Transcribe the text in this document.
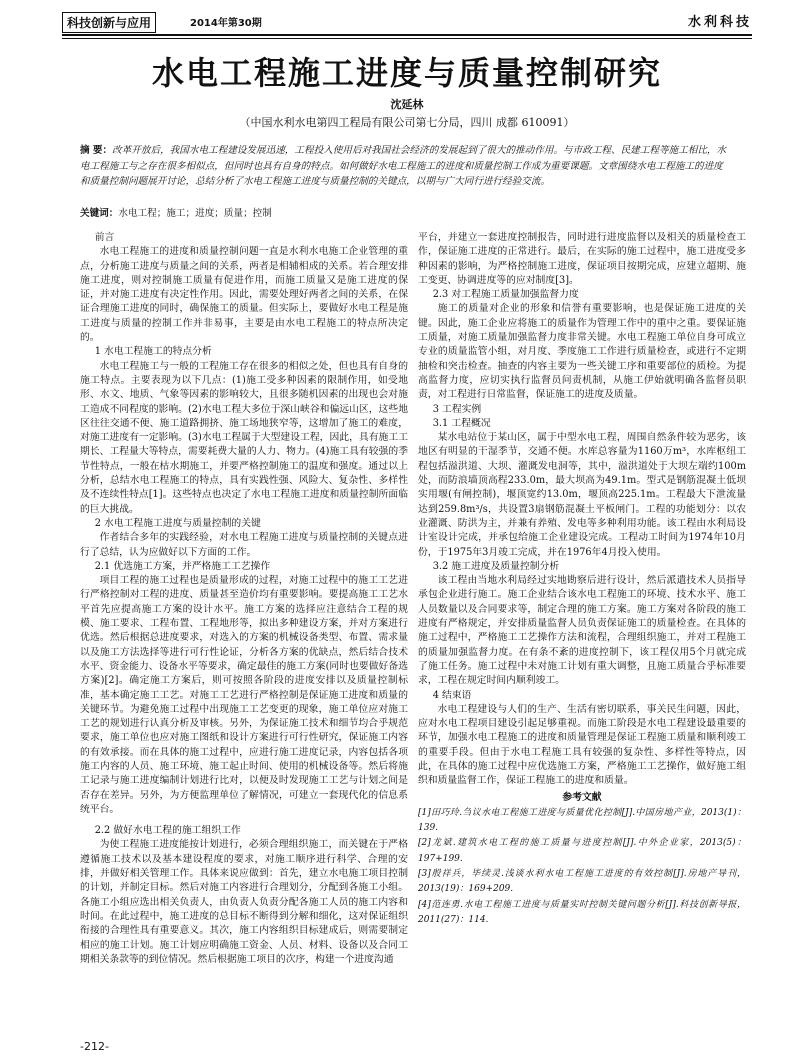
科技创新与应用	2014年第30期	水利科技
水电工程施工进度与质量控制研究
沈延林
（中国水利水电第四工程局有限公司第七分局，四川 成都 610091）
摘 要：改革开放后，我国水电工程建设发展迅速，工程投入使用后对我国社会经济的发展起到了很大的推动作用。与市政工程、民建工程等施工相比，水电工程施工与之存在很多相似点，但同时也具有自身的特点。如何做好水电工程施工的进度和质量控制工作成为重要课题。文章围绕水电工程施工的进度和质量控制问题展开讨论，总结分析了水电工程施工进度与质量控制的关键点，以期与广大同行进行经验交流。
关键词：水电工程；施工；进度；质量；控制
前言

水电工程施工的进度和质量控制问题一直是水利水电施工企业管理的重点，分析施工进度与质量之间的关系，两者是相辅相成的关系。若合理安排施工进度，则对控制施工质量有促进作用，而施工质量又是施工进度的保证，并对施工进度有决定性作用。因此，需要处理好两者之间的关系，在保证合理施工进度的同时，确保施工的质量。但实际上，要做好水电工程是施工进度与质量的控制工作并非易事，主要是由水电工程施工的特点所决定的。

1 水电工程施工的特点分析

水电工程施工与一般的工程施工存在很多的相似之处，但也具有自身的施工特点。主要表现为以下几点：(1)施工受多种因素的限制作用，如受地形、水文、地质、气象等因素的影响较大，且很多随机因素的出现也会对施工造成不同程度的影响。(2)水电工程大多位于深山峡谷和偏远山区，这些地区往往交通不便、施工道路拥挤、施工场地狭窄等，这增加了施工的难度，对施工进度有一定影响。(3)水电工程属于大型建设工程，因此，具有施工工期长、工程量大等特点，需要耗费大量的人力、物力。(4)施工具有较强的季节性特点，一般在枯水期施工，并要严格控制施工的温度和强度。通过以上分析，总结水电工程施工的特点，具有实践性强、风险大、复杂性、多样性及不连续性特点[1]。这些特点也决定了水电工程施工进度和质量控制所面临的巨大挑战。

2 水电工程施工进度与质量控制的关键

作者结合多年的实践经验，对水电工程施工进度与质量控制的关键点进行了总结，认为应做好以下方面的工作。

2.1 优选施工方案，并严格施工工艺操作

项目工程的施工过程也是质量形成的过程，对施工过程中的施工工艺进行严格控制对工程的进度、质量甚至造价均有重要影响。要提高施工工艺水平首先应提高施工方案的设计水平。施工方案的选择应注意结合工程的规模、施工要求、工程布置、工程地形等，拟出多种建设方案，并对方案进行优选。然后根据总进度要求，对选入的方案的机械设备类型、布置、需求量以及施工方法选择等进行可行性论证，分析各方案的优缺点，然后结合技术水平、资金能力、设备水平等要求，确定最佳的施工方案(同时也要做好备选方案)[2]。确定施工方案后，则可按照各阶段的进度安排以及质量控制标准，基本确定施工工艺。对施工工艺进行严格控制是保证施工进度和质量的关键环节。为避免施工过程中出现施工工艺变更的现象，施工单位应对施工工艺的规划进行认真分析及审核。另外，为保证施工技术和细节均合乎规范要求，施工单位也应对施工图纸和设计方案进行可行性研究，保证施工内容的有效承接。而在具体的施工过程中，应进行施工进度记录，内容包括各项施工内容的人员、施工环境、施工起止时间、使用的机械设备等。然后将施工记录与施工进度编制计划进行比对，以便及时发现施工工艺与计划之间是否存在差异。另外，为方便监理单位了解情况，可建立一套现代化的信息系统平台。

2.2 做好水电工程的施工组织工作

为使工程施工进度能按计划进行，必须合理组织施工，而关键在于严格遵循施工技术以及基本建设程度的要求，对施工顺序进行科学、合理的安排，并做好相关管理工作。具体来说应做到：首先，建立水电施工项目控制的计划，并制定目标。然后对施工内容进行合理划分，分配到各施工小组。各施工小组应选出相关负责人，由负责人负责分配各施工人员的施工内容和时间。在此过程中，施工进度的总目标不断得到分解和细化，这对保证组织衔接的合理性具有重要意义。其次，施工内容组织目标建成后，则需要制定相应的施工计划。施工计划应明确施工资金、人员、材料、设备以及合同工期相关条款等的到位情况。然后根据施工项目的次序，构建一个进度沟通

平台，并建立一套进度控制报告，同时进行进度监督以及相关的质量检查工作，保证施工进度的正常进行。最后，在实际的施工过程中，施工进度受多种因素的影响，为严格控制施工进度，保证项目按期完成，应建立超期、施工变更、协调进度等的应对制度[3]。

2.3 对工程施工质量加强监督力度

施工的质量对企业的形象和信誉有重要影响，也是保证施工进度的关键。因此，施工企业应将施工的质量作为管理工作中的重中之重。要保证施工质量，对施工质量加强监督力度非常关键。水电工程施工单位自身可成立专业的质量监管小组，对月度、季度施工工作进行质量检查，或进行不定期抽检和突击检查。抽查的内容主要为一些关键工序和重要部位的质检。为提高监督力度，应切实执行监督员问责机制，从施工伊始就明确各监督员职责，对工程进行日常监督，保证施工的进度及质量。

3 工程实例
3.1 工程概况

某水电站位于某山区，属于中型水电工程，周围自然条件较为恶劣，该地区有明显的干湿季节，交通不便。水库总容量为1160万m³，水库枢纽工程包括溢洪道、大坝、灌溉发电洞等，其中，溢洪道处于大坝左端约100m处，而防浪墙顶高程233.0m，最大坝高为49.1m。型式是钢筋混凝土低坝实用堰(有闸控制)，堰顶宽约13.0m，堰顶高225.1m。工程最大下泄流量达到259.8m³/s，共设置3扇钢筋混凝土平板闸门。工程的功能划分：以农业灌溉、防洪为主，并兼有养殖、发电等多种利用功能。该工程由水利局设计室设计完成，并承包给施工企业建设完成。工程动工时间为1974年10月份，于1975年3月竣工完成，并在1976年4月投入使用。

3.2 施工进度及质量控制分析

该工程由当地水利局经过实地勘察后进行设计，然后派遣技术人员指导承包企业进行施工。施工企业结合该水电工程施工的环境、技术水平、施工人员数量以及合同要求等，制定合理的施工方案。施工方案对各阶段的施工进度有严格规定，并安排质量监督人员负责保证施工的质量检查。在具体的施工过程中，严格施工工艺操作方法和流程，合理组织施工，并对工程施工的质量加强监督力度。在有条不紊的进度控制下，该工程仅用5个月就完成了施工任务。施工过程中未对施工计划有重大调整，且施工质量合乎标准要求，工程在规定时间内顺利竣工。

4 结束语

水电工程建设与人们的生产、生活有密切联系，事关民生问题，因此，应对水电工程项目建设引起足够重视。而施工阶段是水电工程建设最重要的环节，加强水电工程施工的进度和质量管理是保证工程施工质量和顺利竣工的重要手段。但由于水电工程施工具有较强的复杂性、多样性等特点，因此，在具体的施工过程中应优选施工方案，严格施工工艺操作，做好施工组织和质量监督工作，保证工程施工的进度和质量。

参考文献
[1]田巧玲.刍议水电工程施工进度与质量优化控制[J].中国房地产业，2013(1)：139.
[2]龙斌.建筑水电工程的施工质量与进度控制[J].中外企业家，2013(5)：197+199.
[3]殷祥兵，毕续灵.浅谈水利水电工程施工进度的有效控制[J].房地产导刊，2013(19)：169+209.
[4]范连勇.水电工程施工进度与质量实时控制关键问题分析[J].科技创新导报，2011(27)：114.
-212-
